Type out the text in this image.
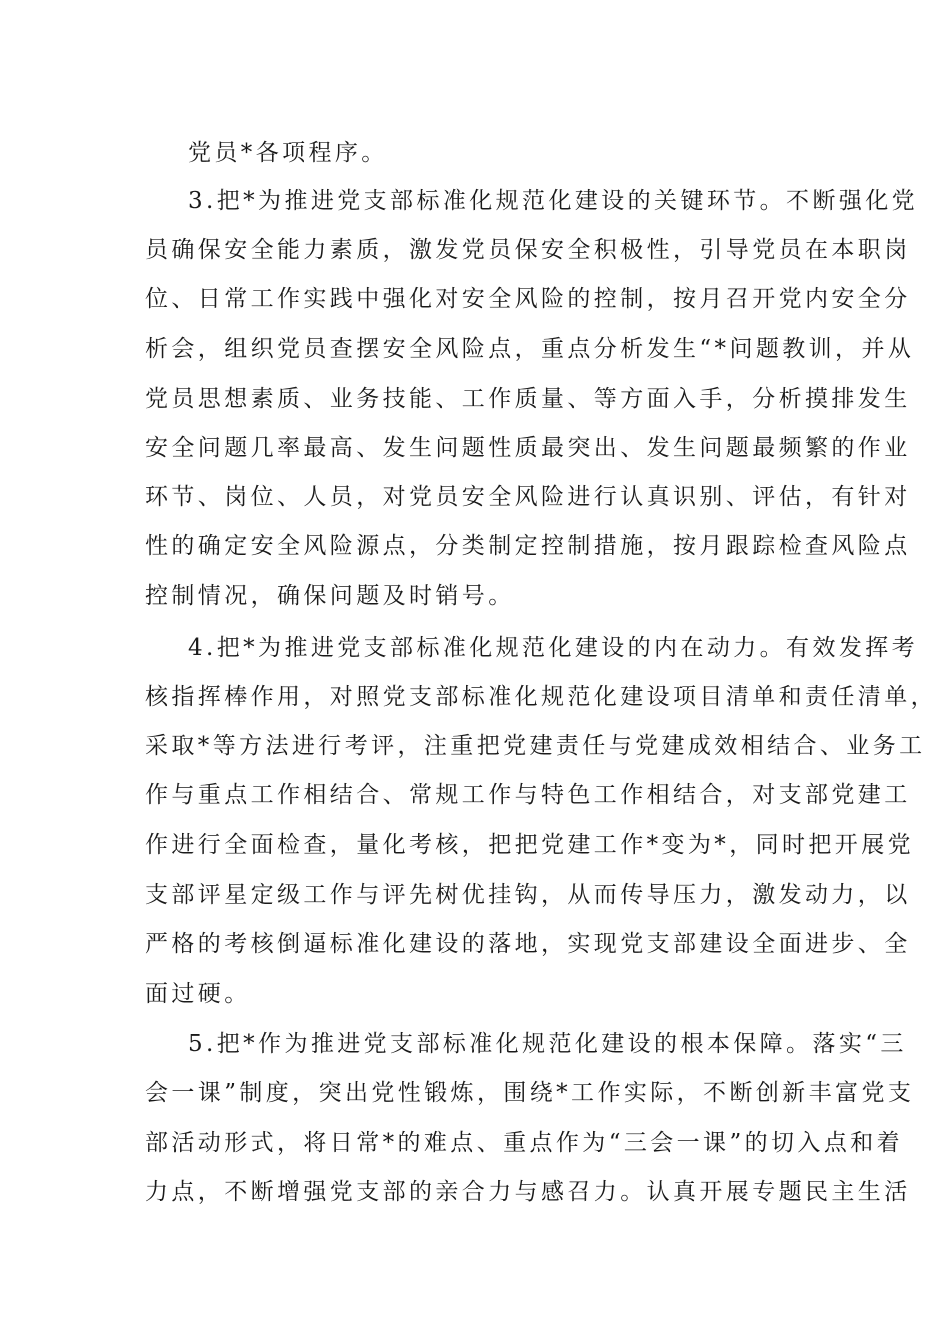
党员*各项程序。
3.把*为推进党支部标准化规范化建设的关键环节。不断强化党
员确保安全能力素质，激发党员保安全积极性，引导党员在本职岗
位、日常工作实践中强化对安全风险的控制，按月召开党内安全分
析会，组织党员查摆安全风险点，重点分析发生“*问题教训，并从
党员思想素质、业务技能、工作质量、等方面入手，分析摸排发生
安全问题几率最高、发生问题性质最突出、发生问题最频繁的作业
环节、岗位、人员，对党员安全风险进行认真识别、评估，有针对
性的确定安全风险源点，分类制定控制措施，按月跟踪检查风险点
控制情况，确保问题及时销号。
4.把*为推进党支部标准化规范化建设的内在动力。有效发挥考
核指挥棒作用，对照党支部标准化规范化建设项目清单和责任清单，
采取*等方法进行考评，注重把党建责任与党建成效相结合、业务工
作与重点工作相结合、常规工作与特色工作相结合，对支部党建工
作进行全面检查，量化考核，把把党建工作*变为*，同时把开展党
支部评星定级工作与评先树优挂钩，从而传导压力，激发动力，以
严格的考核倒逼标准化建设的落地，实现党支部建设全面进步、全
面过硬。
5.把*作为推进党支部标准化规范化建设的根本保障。落实“三
会一课”制度，突出党性锻炼，围绕*工作实际，不断创新丰富党支
部活动形式，将日常*的难点、重点作为“三会一课”的切入点和着
力点，不断增强党支部的亲合力与感召力。认真开展专题民主生活
